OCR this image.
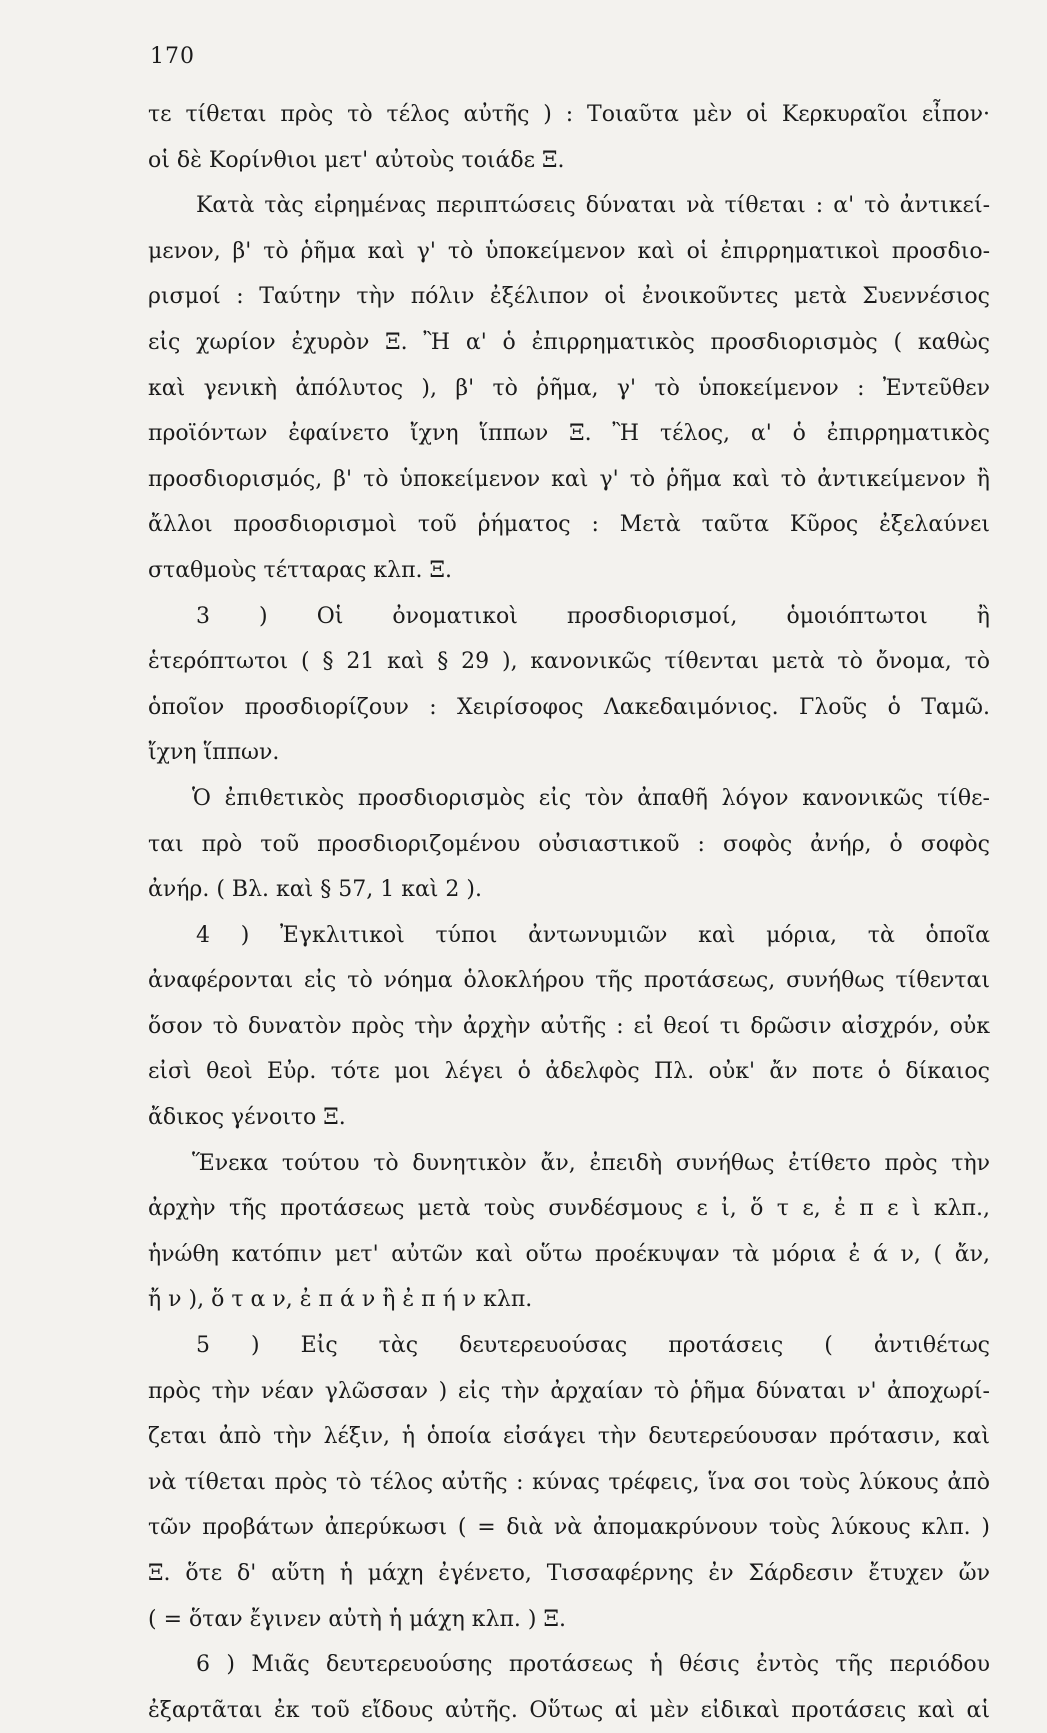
170
τε τίθεται πρὸς τὸ τέλος αὐτῆς ) : Τοιαῦτα μὲν οἱ Κερκυραῖοι εἶπον·
οἱ δὲ Κορίνθιοι μετ' αὐτοὺς τοιάδε Ξ.
Κατὰ τὰς εἰρημένας περιπτώσεις δύναται νὰ τίθεται : α' τὸ ἀντικεί-
μενον, β' τὸ ῥῆμα καὶ γ' τὸ ὑποκείμενον καὶ οἱ ἐπιρρηματικοὶ προσδιο-
ρισμοί : Ταύτην τὴν πόλιν ἐξέλιπον οἱ ἐνοικοῦντες μετὰ Συεννέσιος
εἰς χωρίον ἐχυρὸν Ξ. Ἢ α' ὁ ἐπιρρηματικὸς προσδιορισμὸς ( καθὼς
καὶ γενικὴ ἀπόλυτος ), β' τὸ ῥῆμα, γ' τὸ ὑποκείμενον : Ἐντεῦθεν
προϊόντων ἐφαίνετο ἴχνη ἵππων Ξ. Ἢ τέλος, α' ὁ ἐπιρρηματικὸς
προσδιορισμός, β' τὸ ὑποκείμενον καὶ γ' τὸ ῥῆμα καὶ τὸ ἀντικείμενον ἢ
ἄλλοι προσδιορισμοὶ τοῦ ῥήματος : Μετὰ ταῦτα Κῦρος ἐξελαύνει
σταθμοὺς τέτταρας κλπ. Ξ.
3 ) Οἱ ὀνοματικοὶ προσδιορισμοί, ὁμοιόπτωτοι ἢ
ἑτερόπτωτοι ( § 21 καὶ § 29 ), κανονικῶς τίθενται μετὰ τὸ ὄνομα, τὸ
ὁποῖον προσδιορίζουν : Χειρίσοφος Λακεδαιμόνιος. Γλοῦς ὁ Ταμῶ.
ἴχνη ἵππων.
Ὁ ἐπιθετικὸς προσδιορισμὸς εἰς τὸν ἀπαθῆ λόγον κανονικῶς τίθε-
ται πρὸ τοῦ προσδιοριζομένου οὐσιαστικοῦ : σοφὸς ἀνήρ, ὁ σοφὸς
ἀνήρ. ( Βλ. καὶ § 57, 1 καὶ 2 ).
4 ) Ἐγκλιτικοὶ τύποι ἀντωνυμιῶν καὶ μόρια, τὰ ὁποῖα
ἀναφέρονται εἰς τὸ νόημα ὁλοκλήρου τῆς προτάσεως, συνήθως τίθενται
ὅσον τὸ δυνατὸν πρὸς τὴν ἀρχὴν αὐτῆς : εἰ θεοί τι δρῶσιν αἰσχρόν, οὐκ
εἰσὶ θεοὶ Εὐρ. τότε μοι λέγει ὁ ἀδελφὸς Πλ. οὐκ' ἄν ποτε ὁ δίκαιος
ἄδικος γένοιτο Ξ.
Ἕνεκα τούτου τὸ δυνητικὸν ἄν, ἐπειδὴ συνήθως ἐτίθετο πρὸς τὴν
ἀρχὴν τῆς προτάσεως μετὰ τοὺς συνδέσμους ε ἰ, ὅ τ ε, ἐ π ε ὶ κλπ.,
ἡνώθη κατόπιν μετ' αὐτῶν καὶ οὕτω προέκυψαν τὰ μόρια ἐ ά ν, ( ἄν,
ἤ ν ), ὅ τ α ν, ἐ π ά ν ἢ ἐ π ή ν κλπ.
5 ) Εἰς τὰς δευτερευούσας προτάσεις ( ἀντιθέτως
πρὸς τὴν νέαν γλῶσσαν ) εἰς τὴν ἀρχαίαν τὸ ῥῆμα δύναται ν' ἀποχωρί-
ζεται ἀπὸ τὴν λέξιν, ἡ ὁποία εἰσάγει τὴν δευτερεύουσαν πρότασιν, καὶ
νὰ τίθεται πρὸς τὸ τέλος αὐτῆς : κύνας τρέφεις, ἵνα σοι τοὺς λύκους ἀπὸ
τῶν προβάτων ἀπερύκωσι ( = διὰ νὰ ἀπομακρύνουν τοὺς λύκους κλπ. )
Ξ. ὅτε δ' αὕτη ἡ μάχη ἐγένετο, Τισσαφέρνης ἐν Σάρδεσιν ἔτυχεν ὤν
( = ὅταν ἔγινεν αὐτὴ ἡ μάχη κλπ. ) Ξ.
6 ) Μιᾶς δευτερευούσης προτάσεως ἡ θέσις ἐντὸς τῆς περιόδου
ἐξαρτᾶται ἐκ τοῦ εἴδους αὐτῆς. Οὕτως αἱ μὲν εἰδικαὶ προτάσεις καὶ αἱ
